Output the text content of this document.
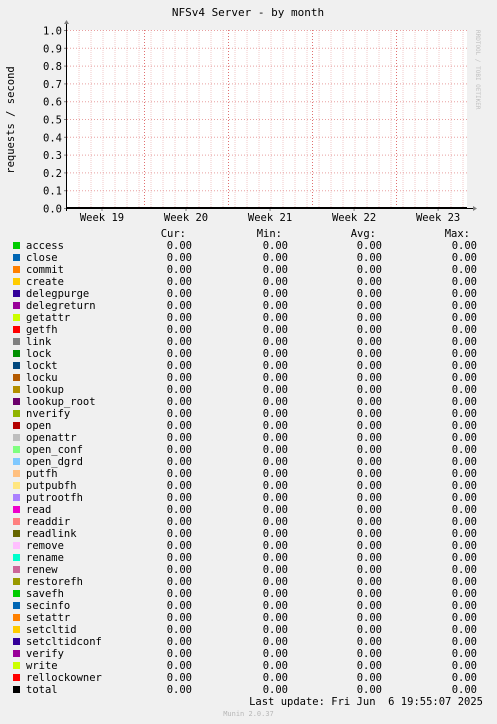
0.0
0.1
0.2
0.3
0.4
0.5
0.6
0.7
0.8
0.9
1.0
Week 19	Week 20	Week 21	Week 22	Week 23
NFSv4 Server - by month
requests / second	RRDTOOL / TOBI OETIKER
Cur:	Min:	Avg:	Max:
access	0.00	0.00	0.00	0.00
close	0.00	0.00	0.00	0.00
commit	0.00	0.00	0.00	0.00
create	0.00	0.00	0.00	0.00
delegpurge	0.00	0.00	0.00	0.00
delegreturn	0.00	0.00	0.00	0.00
getattr	0.00	0.00	0.00	0.00
getfh	0.00	0.00	0.00	0.00
link	0.00	0.00	0.00	0.00
lock	0.00	0.00	0.00	0.00
lockt	0.00	0.00	0.00	0.00
locku	0.00	0.00	0.00	0.00
lookup	0.00	0.00	0.00	0.00
lookup_root	0.00	0.00	0.00	0.00
nverify	0.00	0.00	0.00	0.00
open	0.00	0.00	0.00	0.00
openattr	0.00	0.00	0.00	0.00
open_conf	0.00	0.00	0.00	0.00
open_dgrd	0.00	0.00	0.00	0.00
putfh	0.00	0.00	0.00	0.00
putpubfh	0.00	0.00	0.00	0.00
putrootfh	0.00	0.00	0.00	0.00
read	0.00	0.00	0.00	0.00
readdir	0.00	0.00	0.00	0.00
readlink	0.00	0.00	0.00	0.00
remove	0.00	0.00	0.00	0.00
rename	0.00	0.00	0.00	0.00
renew	0.00	0.00	0.00	0.00
restorefh	0.00	0.00	0.00	0.00
savefh	0.00	0.00	0.00	0.00
secinfo	0.00	0.00	0.00	0.00
setattr	0.00	0.00	0.00	0.00
setcltid	0.00	0.00	0.00	0.00
setcltidconf	0.00	0.00	0.00	0.00
verify	0.00	0.00	0.00	0.00
write	0.00	0.00	0.00	0.00
rellockowner	0.00	0.00	0.00	0.00
total	0.00	0.00	0.00	0.00
Last update: Fri Jun  6 19:55:07 2025
Munin 2.0.37
